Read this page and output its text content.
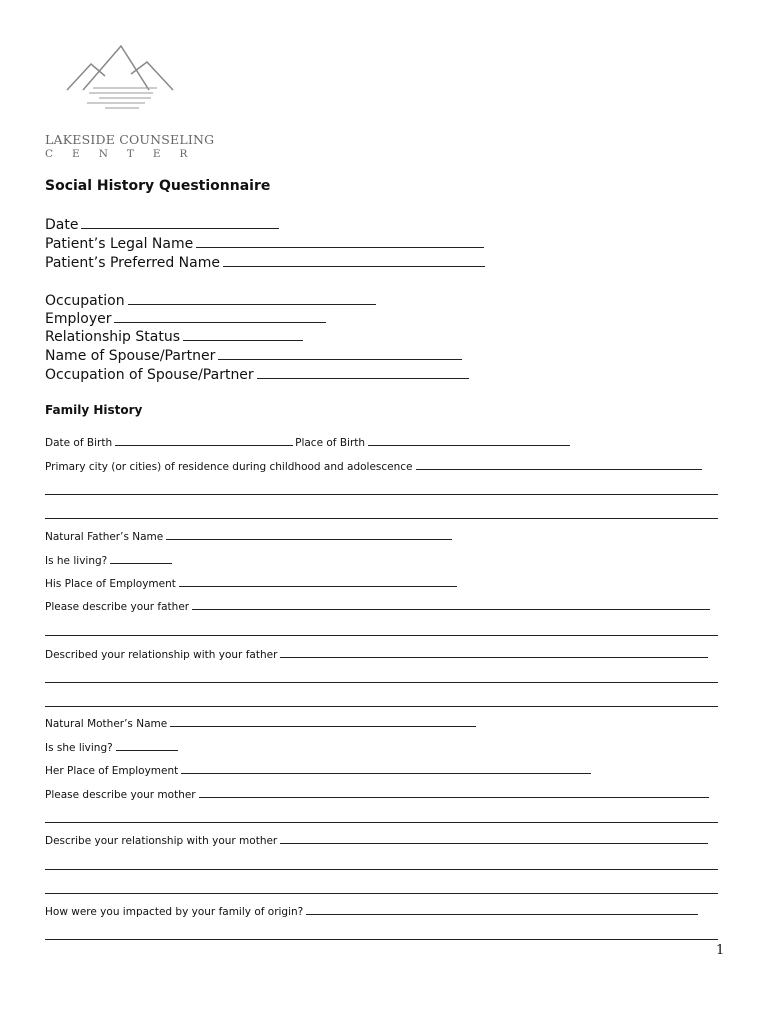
LAKESIDE COUNSELING
CENTER
Social History Questionnaire
Date
Patient’s Legal Name
Patient’s Preferred Name
Occupation
Employer
Relationship Status
Name of Spouse/Partner
Occupation of Spouse/Partner
Family History
Date of Birth	Place of Birth
Primary city (or cities) of residence during childhood and adolescence
Natural Father’s Name
Is he living?
His Place of Employment
Please describe your father
Described your relationship with your father
Natural Mother’s Name
Is she living?
Her Place of Employment
Please describe your mother
Describe your relationship with your mother
How were you impacted by your family of origin?
1
